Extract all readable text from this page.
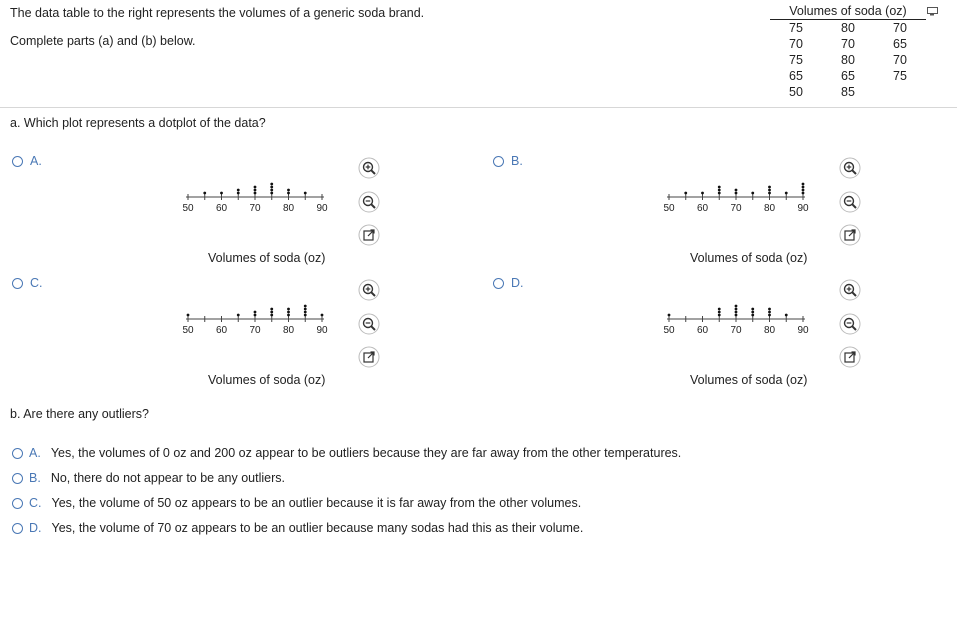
The data table to the right represents the volumes of a generic soda brand.
Complete parts (a) and (b) below.
Volumes of soda (oz)
75	80	70
70	70	65
75	80	70
65	65	75
50	85
a. Which plot represents a dotplot of the data?
A.
50 60 70 80 90
Volumes of soda (oz)
B.
50 60 70 80 90
Volumes of soda (oz)
C.
50 60 70 80 90
Volumes of soda (oz)
D.
50 60 70 80 90
Volumes of soda (oz)
b. Are there any outliers?
A. Yes, the volumes of 0 oz and 200 oz appear to be outliers because they are far away from the other temperatures.
B. No, there do not appear to be any outliers.
C. Yes, the volume of 50 oz appears to be an outlier because it is far away from the other volumes.
D. Yes, the volume of 70 oz appears to be an outlier because many sodas had this as their volume.
